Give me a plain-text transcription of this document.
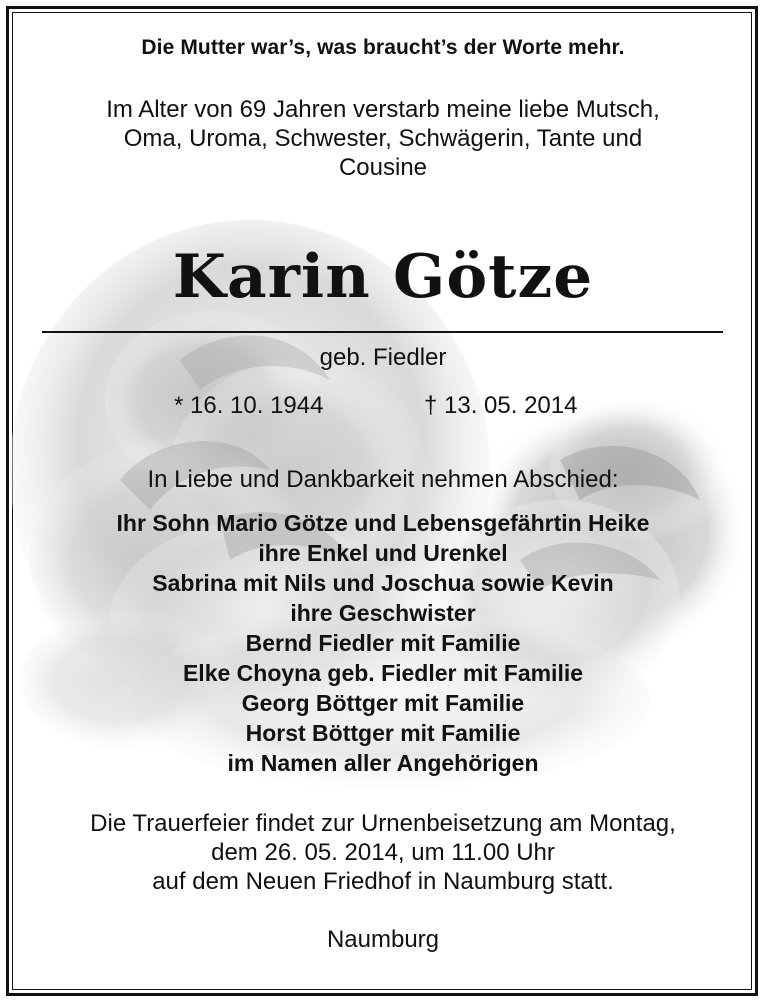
Die Mutter war’s, was braucht’s der Worte mehr.
Im Alter von 69 Jahren verstarb meine liebe Mutsch,
Oma, Uroma, Schwester, Schwägerin, Tante und
Cousine
Karin Götze
geb. Fiedler
* 16. 10. 1944	† 13. 05. 2014
In Liebe und Dankbarkeit nehmen Abschied:
Ihr Sohn Mario Götze und Lebensgefährtin Heike
ihre Enkel und Urenkel
Sabrina mit Nils und Joschua sowie Kevin
ihre Geschwister
Bernd Fiedler mit Familie
Elke Choyna geb. Fiedler mit Familie
Georg Böttger mit Familie
Horst Böttger mit Familie
im Namen aller Angehörigen
Die Trauerfeier findet zur Urnenbeisetzung am Montag,
dem 26. 05. 2014, um 11.00 Uhr
auf dem Neuen Friedhof in Naumburg statt.
Naumburg
